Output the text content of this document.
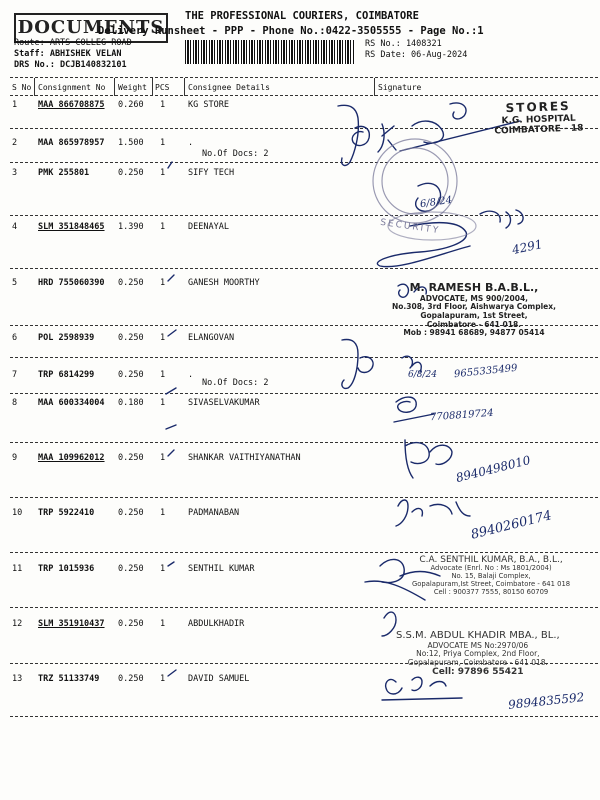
DOCUMENTS
THE PROFESSIONAL COURIERS, COIMBATORE
Delivery Runsheet - PPP - Phone No.:0422-3505555 - Page No.:1
Route: ARTS COLLEG ROAD
Staff: ABHISHEK VELAN
DRS No.: DCJB140832101
RS No.: 1408321
RS Date: 06-Aug-2024
S No Consignment No Weight PCS Consignee Details	Signature
1 MAA 866708875 0.260 1	KG STORE
2 MAA 865978957 1.500 1	.
No.Of Docs: 2
3 PMK 255801	0.250 1	SIFY TECH
4 SLM 351848465 1.390 1	DEENAYAL
5 HRD 755060390 0.250 1	GANESH MOORTHY
6 POL 2598939	0.250 1	ELANGOVAN
7 TRP 6814299	0.250 1	.
No.Of Docs: 2
8 MAA 600334004 0.180 1	SIVASELVAKUMAR
9 MAA 109962012 0.250 1	SHANKAR VAITHIYANATHAN
10 TRP 5922410	0.250 1	PADMANABAN
11 TRP 1015936	0.250 1	SENTHIL KUMAR
12 SLM 351910437 0.250 1	ABDULKHADIR
13 TRZ 51133749 0.250 1	DAVID SAMUEL
6/8/24
4291
6/8/24 9655335499
7708819724
8940498010
8940260174
9894835592
STORES
K.G. HOSPITAL
COIMBATORE - 18
SECURITY
M. RAMESH B.A.B.L.,
ADVOCATE, MS 900/2004,
No.308, 3rd Floor, Aishwarya Complex,
Gopalapuram, 1st Street,
Coimbatore - 641 018.
Mob : 98941 68689, 94877 05414
C.A. SENTHIL KUMAR, B.A., B.L.,
Advocate (Enrl. No : Ms 1801/2004)
No. 15, Balaji Complex,
Gopalapuram,Ist Street, Coimbatore - 641 018
Cell : 900377 7555, 80150 60709
S.S.M. ABDUL KHADIR MBA., BL.,
ADVOCATE MS No:2970/06
No:12, Priya Complex, 2nd Floor,
Gopalapuram, Coimbatore - 641 018.
Cell: 97896 55421
